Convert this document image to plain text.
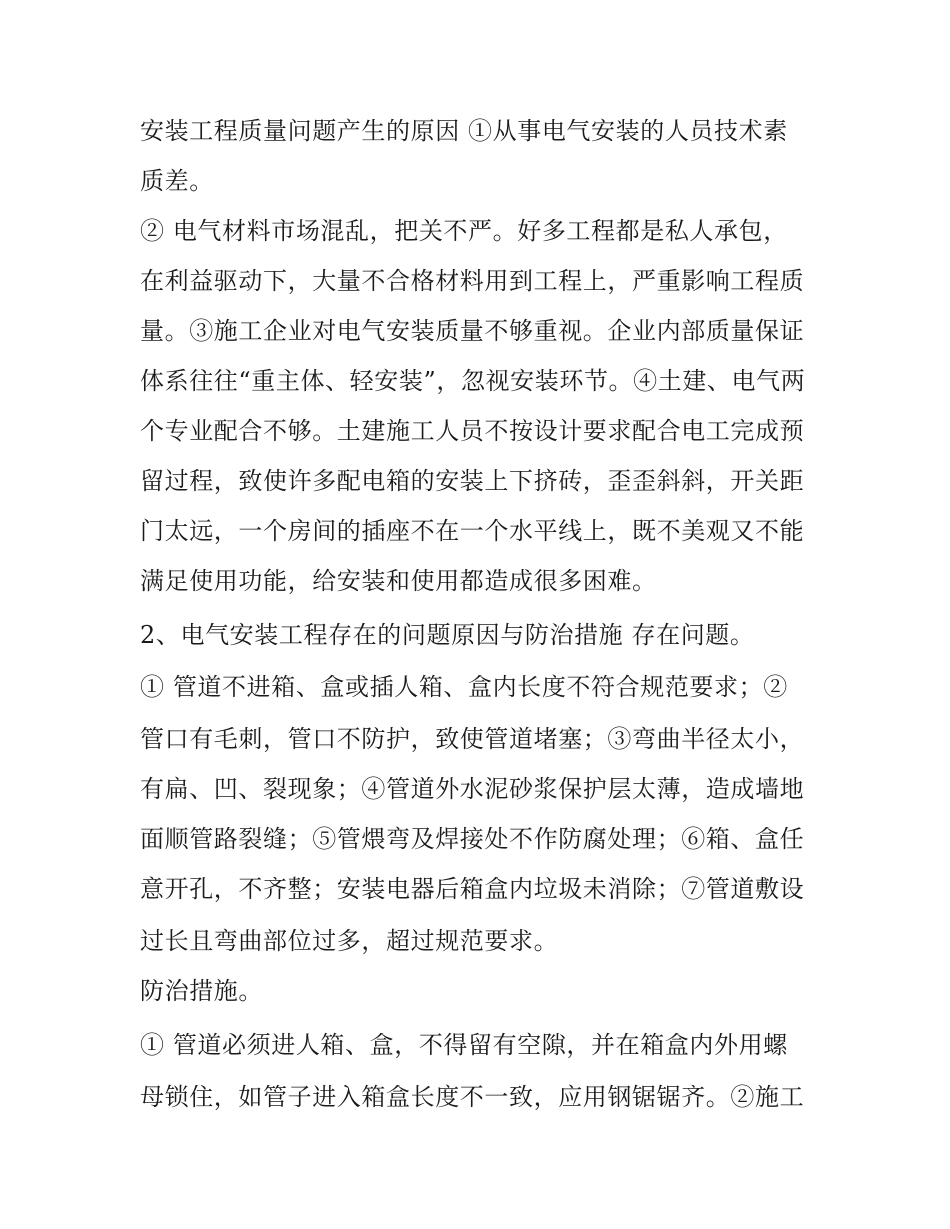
安装工程质量问题产生的原因 ①从事电气安装的人员技术素
质差。
② 电气材料市场混乱，把关不严。好多工程都是私人承包，
在利益驱动下，大量不合格材料用到工程上，严重影响工程质
量。③施工企业对电气安装质量不够重视。企业内部质量保证
体系往往“重主体、轻安装”，忽视安装环节。④土建、电气两
个专业配合不够。土建施工人员不按设计要求配合电工完成预
留过程，致使许多配电箱的安装上下挤砖，歪歪斜斜，开关距
门太远，一个房间的插座不在一个水平线上，既不美观又不能
满足使用功能，给安装和使用都造成很多困难。
2、电气安装工程存在的问题原因与防治措施 存在问题。
① 管道不进箱、盒或插人箱、盒内长度不符合规范要求；②
管口有毛刺，管口不防护，致使管道堵塞；③弯曲半径太小，
有扁、凹、裂现象；④管道外水泥砂浆保护层太薄，造成墙地
面顺管路裂缝；⑤管煨弯及焊接处不作防腐处理；⑥箱、盒任
意开孔，不齐整；安装电器后箱盒内垃圾未消除；⑦管道敷设
过长且弯曲部位过多，超过规范要求。
防治措施。
① 管道必须进人箱、盒，不得留有空隙，并在箱盒内外用螺
母锁住，如管子进入箱盒长度不一致，应用钢锯锯齐。②施工
